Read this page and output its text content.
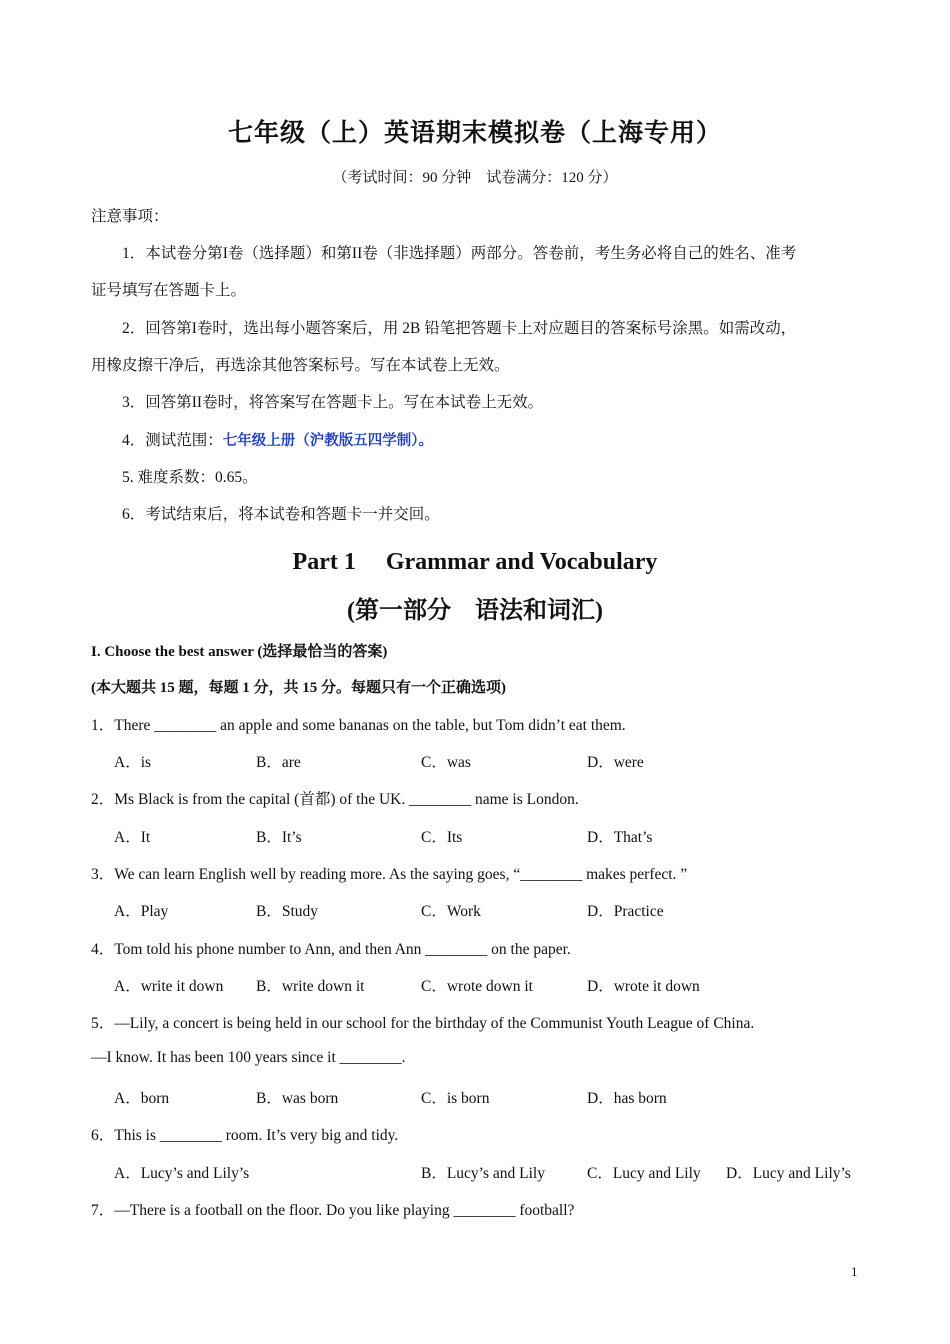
七年级（上）英语期末模拟卷（上海专用）
（考试时间：90 分钟　试卷满分：120 分）
注意事项：
1．本试卷分第I卷（选择题）和第II卷（非选择题）两部分。答卷前，考生务必将自己的姓名、准考
证号填写在答题卡上。
2．回答第I卷时，选出每小题答案后，用 2B 铅笔把答题卡上对应题目的答案标号涂黑。如需改动，
用橡皮擦干净后，再选涂其他答案标号。写在本试卷上无效。
3．回答第II卷时，将答案写在答题卡上。写在本试卷上无效。
4．测试范围：七年级上册（沪教版五四学制）。
5. 难度系数：0.65。
6．考试结束后，将本试卷和答题卡一并交回。
Part 1　 Grammar and Vocabulary
(第一部分　语法和词汇)
I. Choose the best answer (选择最恰当的答案)
(本大题共 15 题，每题 1 分，共 15 分。每题只有一个正确选项)
1．There ________ an apple and some bananas on the table, but Tom didn’t eat them.
A．is	B．are	C．was	D．were
2．Ms Black is from the capital (首都) of the UK. ________ name is London.
A．It	B．It’s	C．Its	D．That’s
3．We can learn English well by reading more. As the saying goes, “________ makes perfect. ”
A．Play	B．Study	C．Work	D．Practice
4．Tom told his phone number to Ann, and then Ann ________ on the paper.
A．write it down B．write down it	C．wrote down it	D．wrote it down
5．—Lily, a concert is being held in our school for the birthday of the Communist Youth League of China.
—I know. It has been 100 years since it ________.
A．born	B．was born	C．is born	D．has born
6．This is ________ room. It’s very big and tidy.
A．Lucy’s and Lily’s	B．Lucy’s and Lily	C．Lucy and Lily D．Lucy and Lily’s
7．—There is a football on the floor. Do you like playing ________ football?
1
